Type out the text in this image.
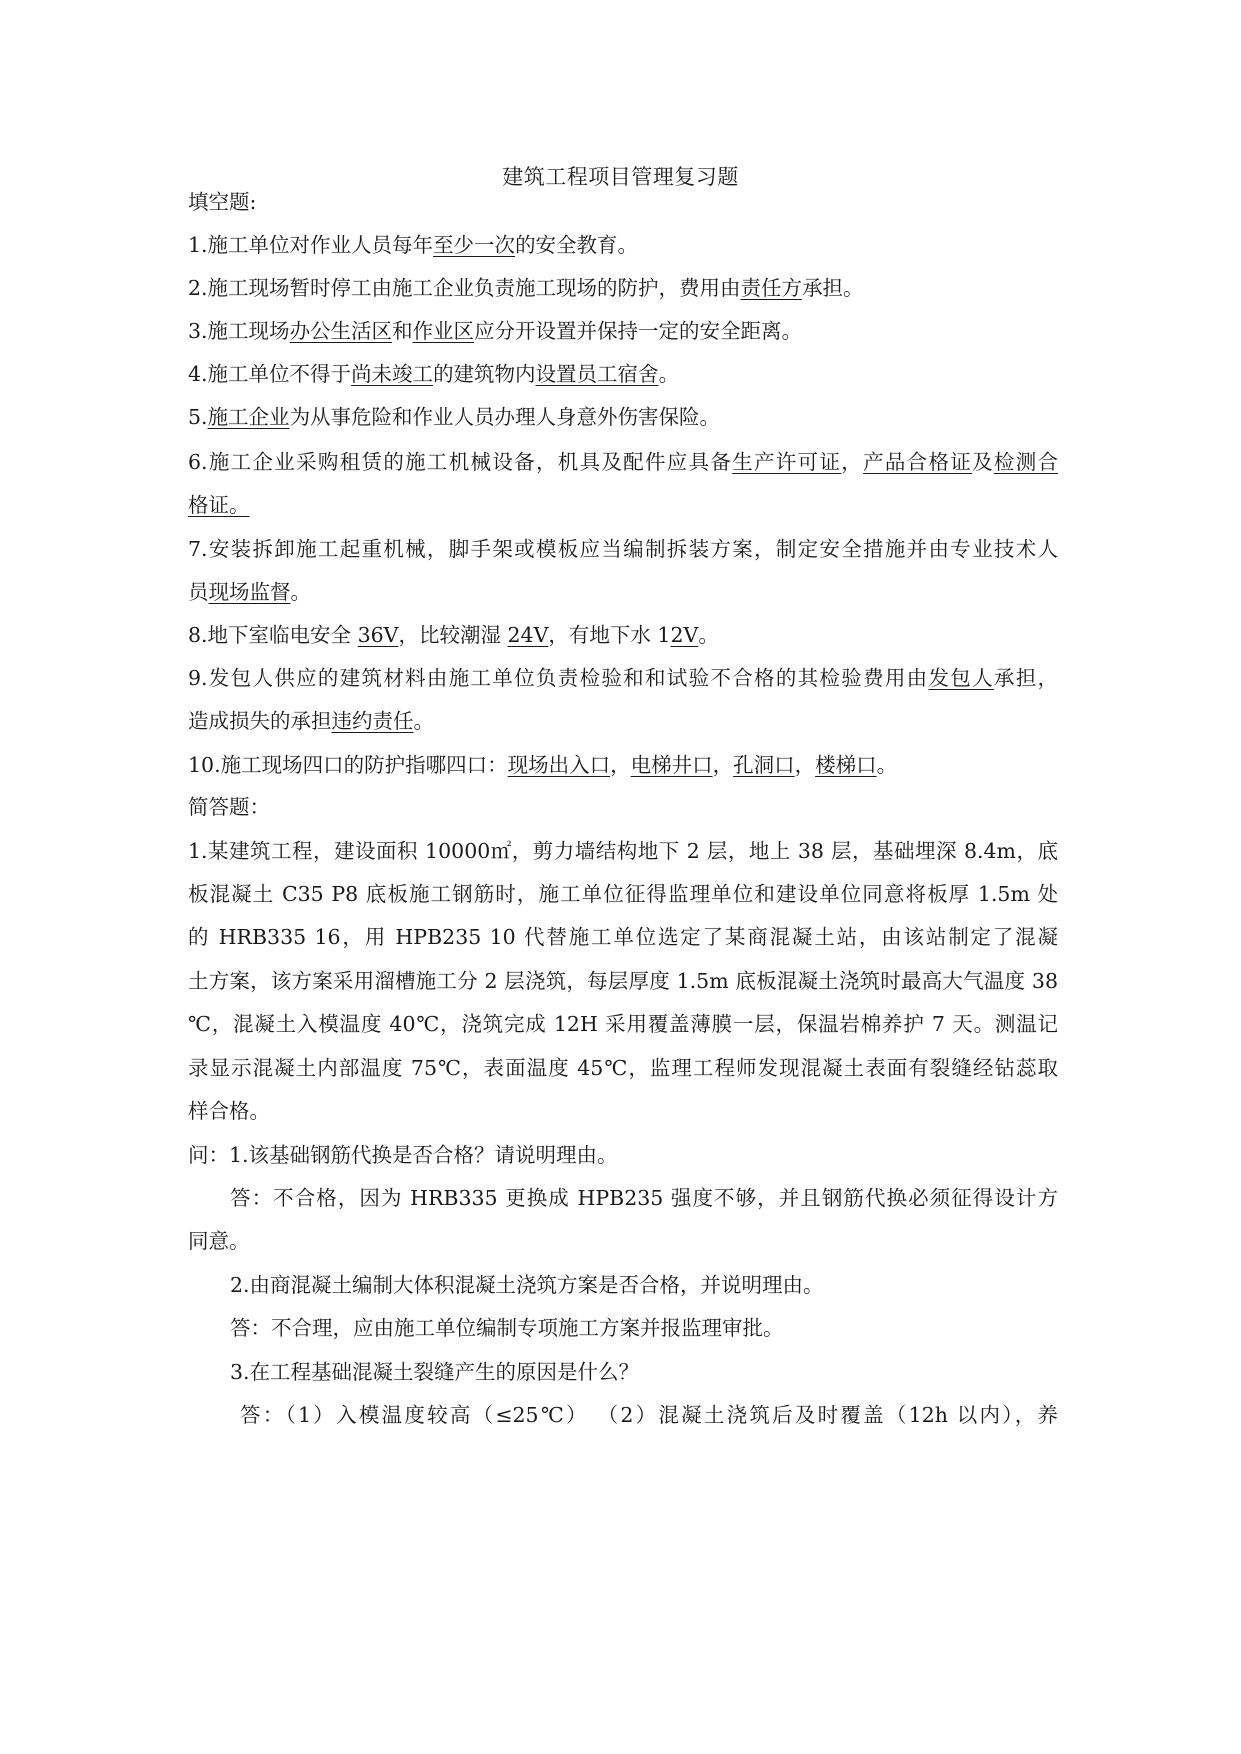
建筑工程项目管理复习题
填空题:
1.施工单位对作业人员每年至少一次的安全教育。
2.施工现场暂时停工由施工企业负责施工现场的防护，费用由责任方承担。
3.施工现场办公生活区和作业区应分开设置并保持一定的安全距离。
4.施工单位不得于尚未竣工的建筑物内设置员工宿舍。
5.施工企业为从事危险和作业人员办理人身意外伤害保险。
6.施工企业采购租赁的施工机械设备，机具及配件应具备生产许可证，产品合格证及检测合
格证。
7.安装拆卸施工起重机械，脚手架或模板应当编制拆装方案，制定安全措施并由专业技术人
员现场监督。
8.地下室临电安全 36V，比较潮湿 24V，有地下水 12V。
9.发包人供应的建筑材料由施工单位负责检验和和试验不合格的其检验费用由发包人承担，
造成损失的承担违约责任。
10.施工现场四口的防护指哪四口：现场出入口，电梯井口，孔洞口，楼梯口。
简答题：
1.某建筑工程，建设面积 10000㎡，剪力墙结构地下 2 层，地上 38 层，基础埋深 8.4m，底
板混凝土 C35 P8 底板施工钢筋时，施工单位征得监理单位和建设单位同意将板厚 1.5m 处
的 HRB335 16，用 HPB235 10 代替施工单位选定了某商混凝土站，由该站制定了混凝
土方案，该方案采用溜槽施工分 2 层浇筑，每层厚度 1.5m 底板混凝土浇筑时最高大气温度 38
℃，混凝土入模温度 40℃，浇筑完成 12H 采用覆盖薄膜一层，保温岩棉养护 7 天。测温记
录显示混凝土内部温度 75℃，表面温度 45℃，监理工程师发现混凝土表面有裂缝经钻蕊取
样合格。
问：1.该基础钢筋代换是否合格？请说明理由。
答：不合格，因为 HRB335 更换成 HPB235 强度不够，并且钢筋代换必须征得设计方
同意。
2.由商混凝土编制大体积混凝土浇筑方案是否合格，并说明理由。
答：不合理，应由施工单位编制专项施工方案并报监理审批。
3.在工程基础混凝土裂缝产生的原因是什么？
答：（1）入模温度较高（≤25℃） （2）混凝土浇筑后及时覆盖（12h 以内），养
